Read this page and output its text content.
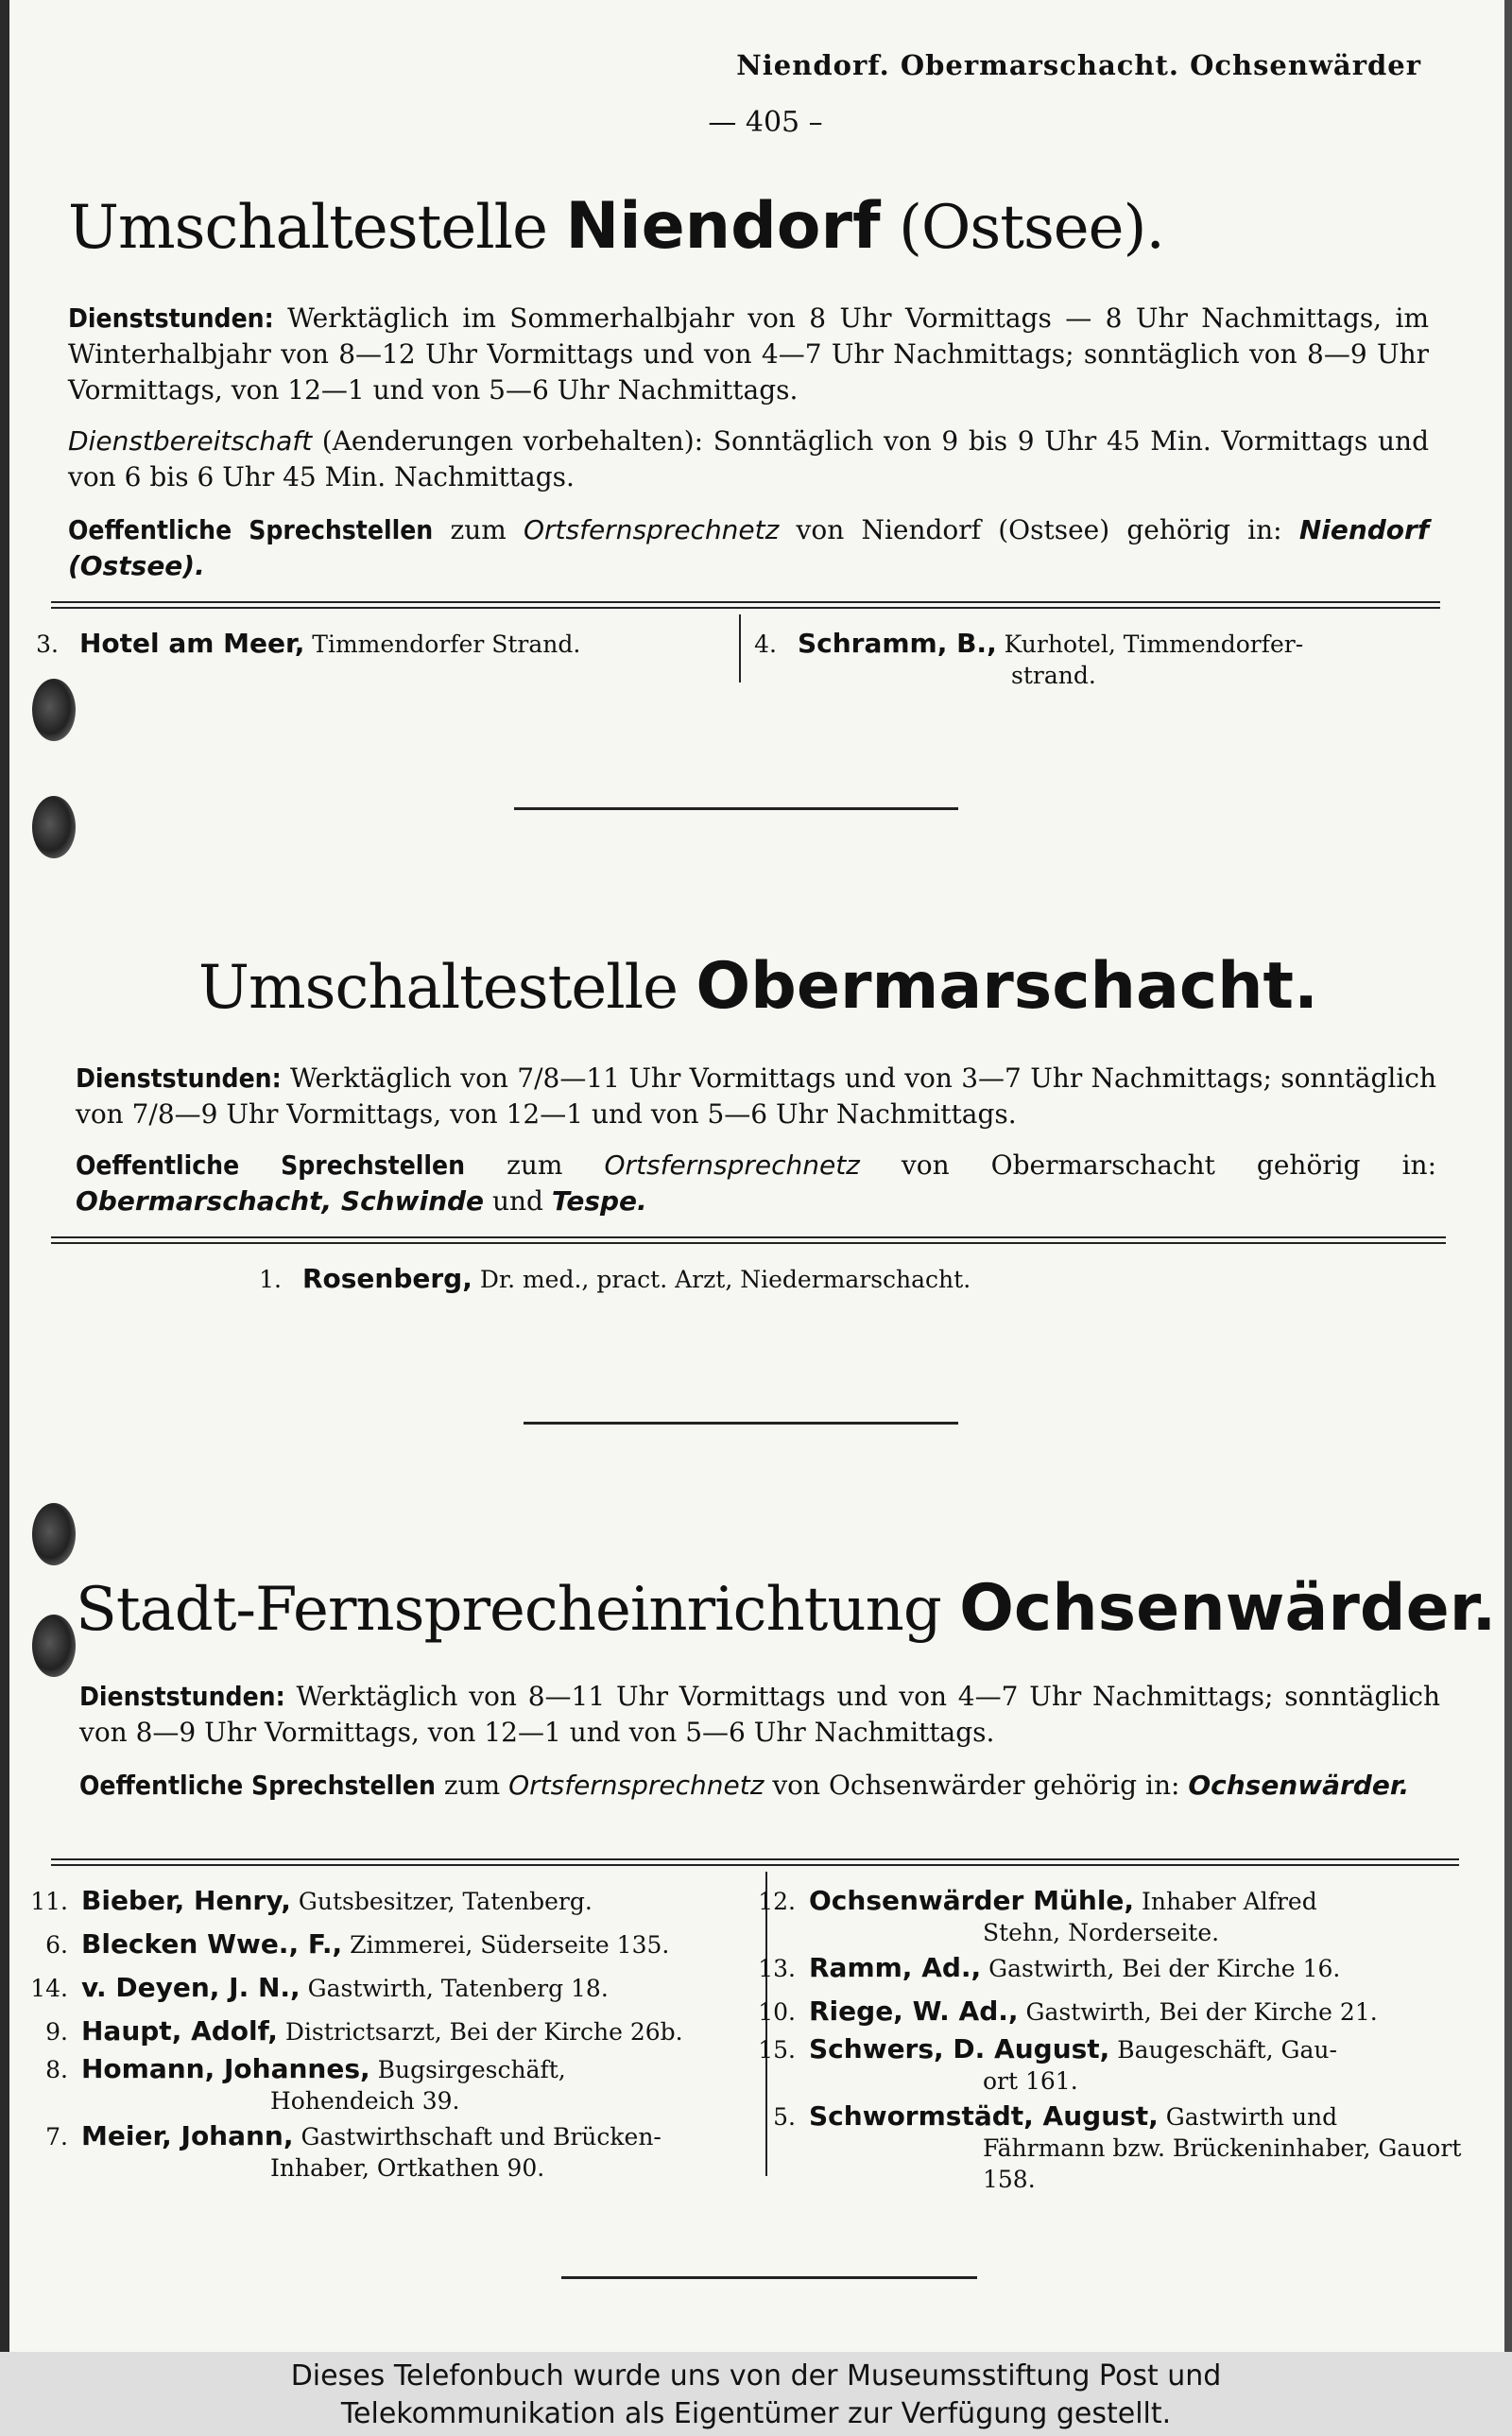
Niendorf. Obermarschacht. Ochsenwärder
— 405 –
Umschaltestelle Niendorf (Ostsee).
Dienststunden: Werktäglich im Sommerhalbjahr von 8 Uhr Vormittags — 8 Uhr Nachmittags, im Winterhalbjahr von 8—12 Uhr Vormittags und von 4—7 Uhr Nachmittags; sonntäglich von 8—9 Uhr Vormittags, von 12—1 und von 5—6 Uhr Nachmittags.
Dienstbereitschaft (Aenderungen vorbehalten): Sonntäglich von 9 bis 9 Uhr 45 Min. Vormittags und von 6 bis 6 Uhr 45 Min. Nachmittags.
Oeffentliche Sprechstellen zum Ortsfernsprechnetz von Niendorf (Ostsee) gehörig in: Niendorf (Ostsee).
3. Hotel am Meer, Timmendorfer Strand.	4. Schramm, B., Kurhotel, Timmendorfer-
strand.
Umschaltestelle Obermarschacht.
Dienststunden: Werktäglich von 7/8—11 Uhr Vormittags und von 3—7 Uhr Nachmittags; sonntäglich von 7/8—9 Uhr Vormittags, von 12—1 und von 5—6 Uhr Nachmittags.
Oeffentliche Sprechstellen zum Ortsfernsprechnetz von Obermarschacht gehörig in: Obermarschacht, Schwinde und Tespe.
1. Rosenberg, Dr. med., pract. Arzt, Niedermarschacht.
Stadt-Fernsprecheinrichtung Ochsenwärder.
Dienststunden: Werktäglich von 8—11 Uhr Vormittags und von 4—7 Uhr Nachmittags; sonntäglich von 8—9 Uhr Vormittags, von 12—1 und von 5—6 Uhr Nachmittags.
Oeffentliche Sprechstellen zum Ortsfernsprechnetz von Ochsenwärder gehörig in: Ochsenwärder.
11. Bieber, Henry, Gutsbesitzer, Tatenberg.
6. Blecken Wwe., F., Zimmerei, Süderseite 135.
14. v. Deyen, J. N., Gastwirth, Tatenberg 18.
9. Haupt, Adolf, Districtsarzt, Bei der Kirche 26b.
8. Homann, Johannes, Bugsirgeschäft,
Hohendeich 39.
7. Meier, Johann, Gastwirthschaft und Brücken-
Inhaber, Ortkathen 90.
12. Ochsenwärder Mühle, Inhaber Alfred
Stehn, Norderseite.
13. Ramm, Ad., Gastwirth, Bei der Kirche 16.
10. Riege, W. Ad., Gastwirth, Bei der Kirche 21.
15. Schwers, D. August, Baugeschäft, Gau-
ort 161.
5. Schwormstädt, August, Gastwirth und
Fährmann bzw. Brückeninhaber, Gauort 158.
Dieses Telefonbuch wurde uns von der Museumsstiftung Post und
Telekommunikation als Eigentümer zur Verfügung gestellt.
